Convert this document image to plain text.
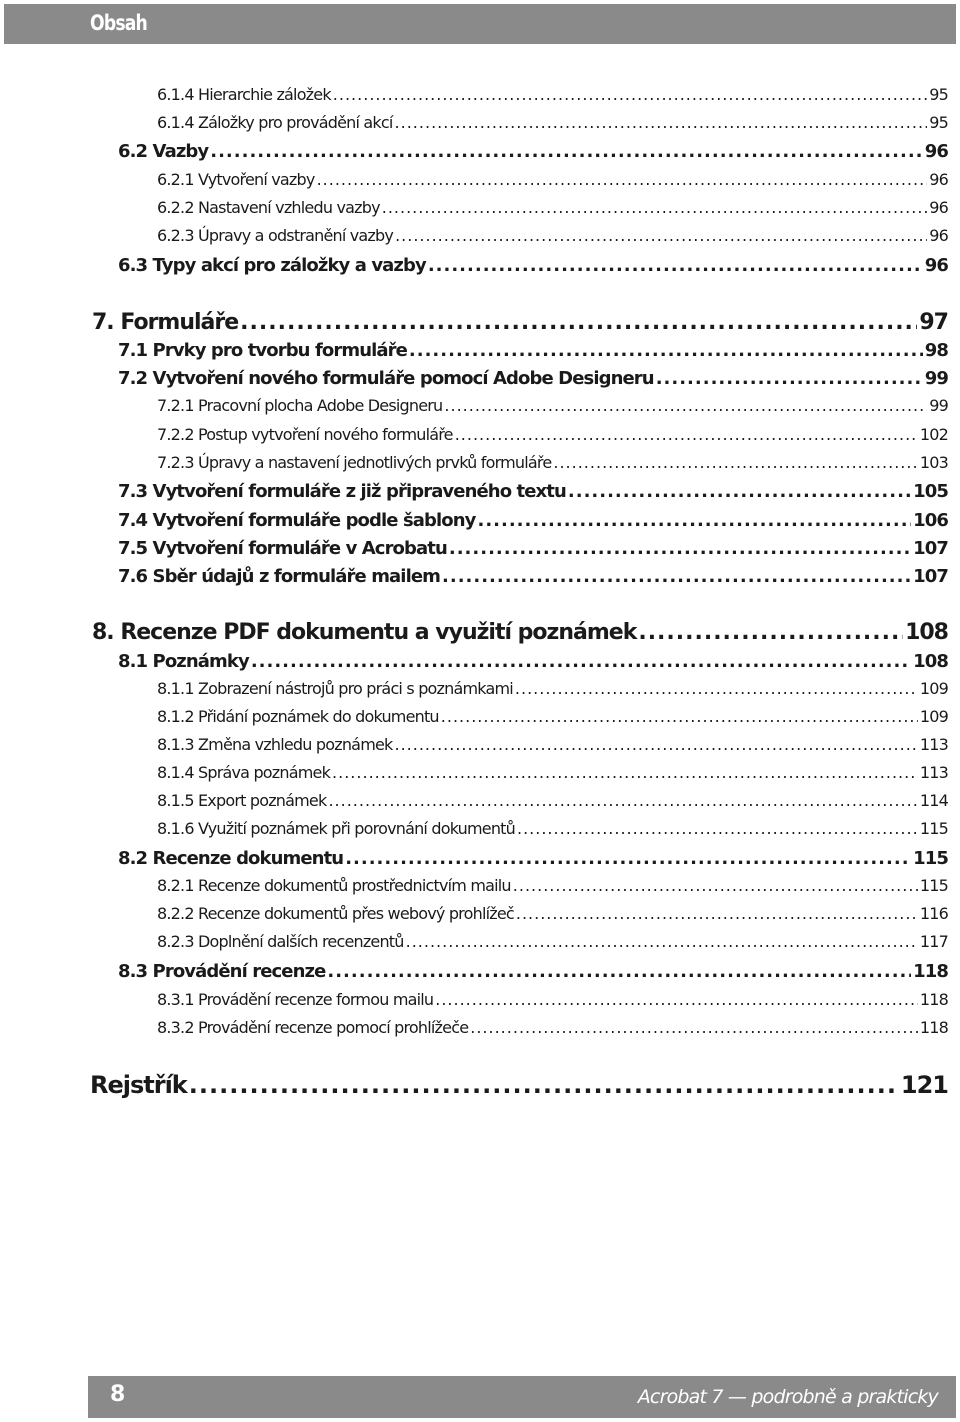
Obsah
6.1.4 Hierarchie záložek .....	95
6.1.4 Záložky pro provádění akcí .....	95
6.2 Vazby .....	96
6.2.1 Vytvoření vazby .....	96
6.2.2 Nastavení vzhledu vazby .....	96
6.2.3 Úpravy a odstranění vazby .....	96
6.3 Typy akcí pro záložky a vazby .....	96
7. Formuláře .....	97
7.1 Prvky pro tvorbu formuláře .....	98
7.2 Vytvoření nového formuláře pomocí Adobe Designeru .....	99
7.2.1 Pracovní plocha Adobe Designeru .....	99
7.2.2 Postup vytvoření nového formuláře .....	102
7.2.3 Úpravy a nastavení jednotlivých prvků formuláře .....	103
7.3 Vytvoření formuláře z již připraveného textu .....	105
7.4 Vytvoření formuláře podle šablony .....	106
7.5 Vytvoření formuláře v Acrobatu .....	107
7.6 Sběr údajů z formuláře mailem .....	107
8. Recenze PDF dokumentu a využití poznámek .....	108
8.1 Poznámky .....	108
8.1.1 Zobrazení nástrojů pro práci s poznámkami .....	109
8.1.2 Přidání poznámek do dokumentu .....	109
8.1.3 Změna vzhledu poznámek .....	113
8.1.4 Správa poznámek .....	113
8.1.5 Export poznámek .....	114
8.1.6 Využití poznámek při porovnání dokumentů .....	115
8.2 Recenze dokumentu .....	115
8.2.1 Recenze dokumentů prostřednictvím mailu .....	115
8.2.2 Recenze dokumentů přes webový prohlížeč .....	116
8.2.3 Doplnění dalších recenzentů .....	117
8.3 Provádění recenze .....	118
8.3.1 Provádění recenze formou mailu .....	118
8.3.2 Provádění recenze pomocí prohlížeče .....	118
Rejstřík .....	121
8	Acrobat 7 — podrobně a prakticky
